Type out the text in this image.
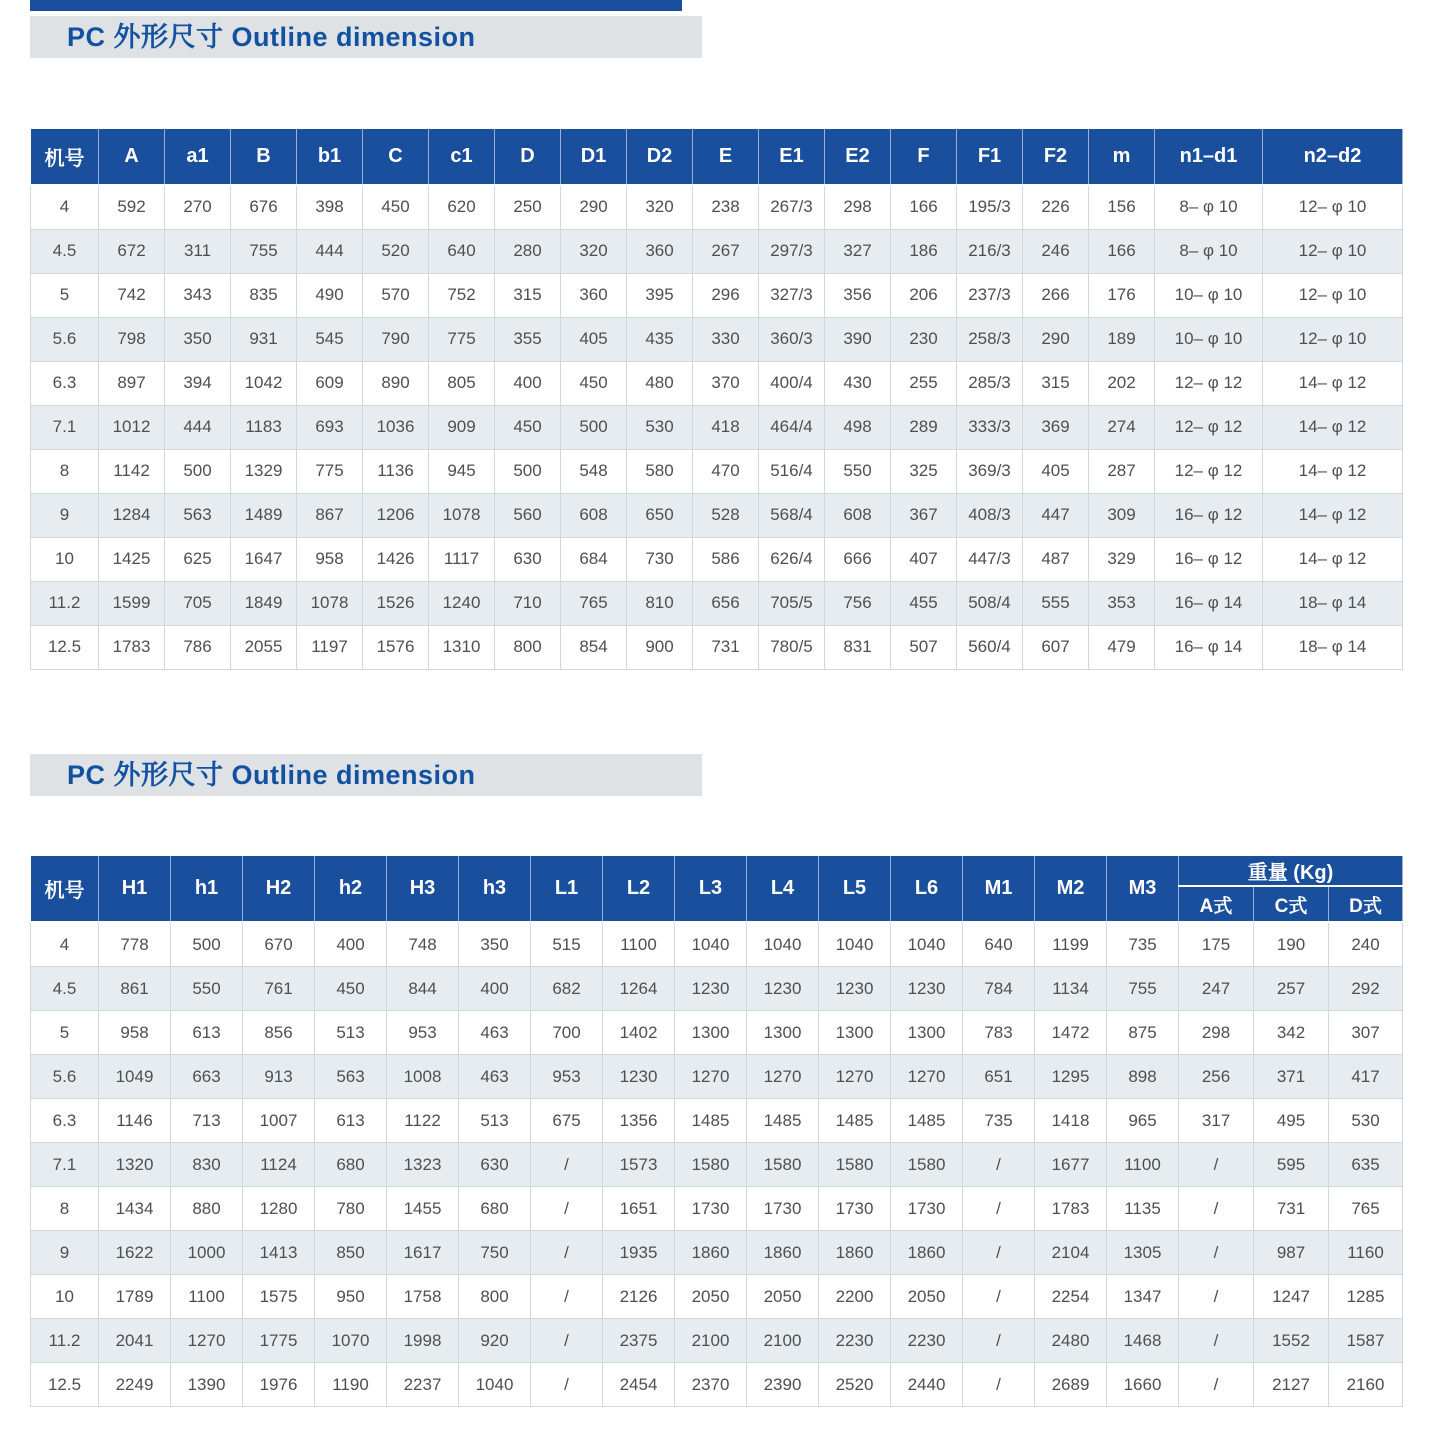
PC 外形尺寸 Outline dimension
机号	A	a1	B	b1	C	c1	D	D1	D2	E	E1	E2	F	F1	F2	m	n1–d1	n2–d2
4	592	270	676	398	450	620	250	290	320	238	267/3	298	166	195/3	226	156	8– φ 10	12– φ 10
4.5	672	311	755	444	520	640	280	320	360	267	297/3	327	186	216/3	246	166	8– φ 10	12– φ 10
5	742	343	835	490	570	752	315	360	395	296	327/3	356	206	237/3	266	176	10– φ 10	12– φ 10
5.6	798	350	931	545	790	775	355	405	435	330	360/3	390	230	258/3	290	189	10– φ 10	12– φ 10
6.3	897	394	1042	609	890	805	400	450	480	370	400/4	430	255	285/3	315	202	12– φ 12	14– φ 12
7.1	1012	444	1183	693	1036	909	450	500	530	418	464/4	498	289	333/3	369	274	12– φ 12	14– φ 12
8	1142	500	1329	775	1136	945	500	548	580	470	516/4	550	325	369/3	405	287	12– φ 12	14– φ 12
9	1284	563	1489	867	1206	1078	560	608	650	528	568/4	608	367	408/3	447	309	16– φ 12	14– φ 12
10	1425	625	1647	958	1426	1117	630	684	730	586	626/4	666	407	447/3	487	329	16– φ 12	14– φ 12
11.2	1599	705	1849	1078	1526	1240	710	765	810	656	705/5	756	455	508/4	555	353	16– φ 14	18– φ 14
12.5	1783	786	2055	1197	1576	1310	800	854	900	731	780/5	831	507	560/4	607	479	16– φ 14	18– φ 14
PC 外形尺寸 Outline dimension
机号	H1	h1	H2	h2	H3	h3	L1	L2	L3	L4	L5	L6	M1	M2	M3	重量 (Kg)		
																A式	C式	D式
4	778	500	670	400	748	350	515	1100	1040	1040	1040	1040	640	1199	735	175	190	240
4.5	861	550	761	450	844	400	682	1264	1230	1230	1230	1230	784	1134	755	247	257	292
5	958	613	856	513	953	463	700	1402	1300	1300	1300	1300	783	1472	875	298	342	307
5.6	1049	663	913	563	1008	463	953	1230	1270	1270	1270	1270	651	1295	898	256	371	417
6.3	1146	713	1007	613	1122	513	675	1356	1485	1485	1485	1485	735	1418	965	317	495	530
7.1	1320	830	1124	680	1323	630	/	1573	1580	1580	1580	1580	/	1677	1100	/	595	635
8	1434	880	1280	780	1455	680	/	1651	1730	1730	1730	1730	/	1783	1135	/	731	765
9	1622	1000	1413	850	1617	750	/	1935	1860	1860	1860	1860	/	2104	1305	/	987	1160
10	1789	1100	1575	950	1758	800	/	2126	2050	2050	2200	2050	/	2254	1347	/	1247	1285
11.2	2041	1270	1775	1070	1998	920	/	2375	2100	2100	2230	2230	/	2480	1468	/	1552	1587
12.5	2249	1390	1976	1190	2237	1040	/	2454	2370	2390	2520	2440	/	2689	1660	/	2127	2160
